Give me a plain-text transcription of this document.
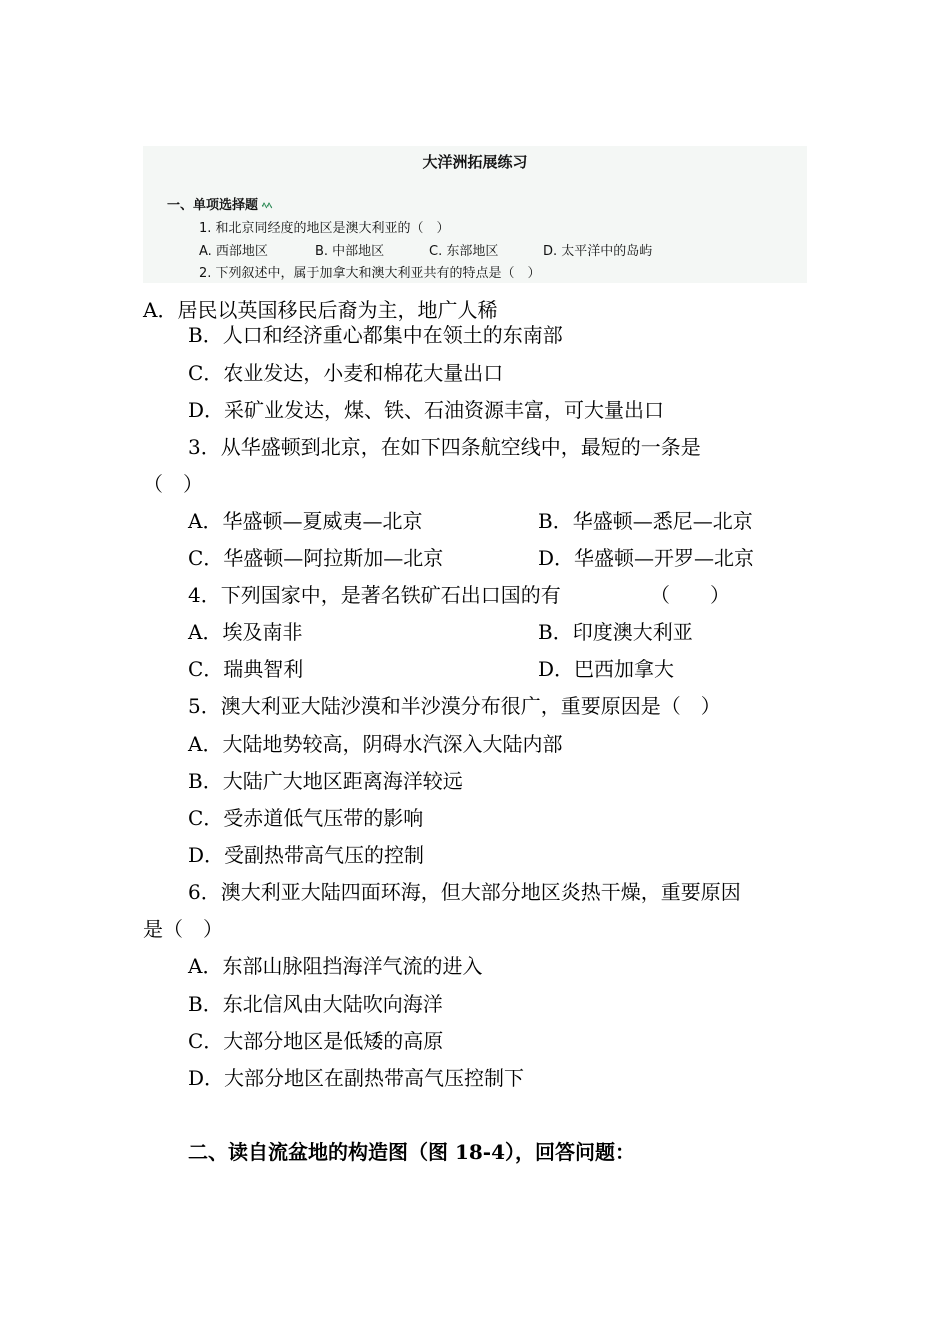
大洋洲拓展练习
一、单项选择题 ﾍﾍ
1. 和北京同经度的地区是澳大利亚的（　）
A. 西部地区	B. 中部地区	C. 东部地区	D. 太平洋中的岛屿
2. 下列叙述中，属于加拿大和澳大利亚共有的特点是（　）
A．居民以英国移民后裔为主，地广人稀
B．人口和经济重心都集中在领土的东南部
C．农业发达，小麦和棉花大量出口
D．采矿业发达，煤、铁、石油资源丰富，可大量出口
3．从华盛顿到北京，在如下四条航空线中，最短的一条是
（　）
A．华盛顿—夏威夷—北京	B．华盛顿—悉尼—北京
C．华盛顿—阿拉斯加—北京	D．华盛顿—开罗—北京
4．下列国家中，是著名铁矿石出口国的有	（　　）
A．埃及南非	B．印度澳大利亚
C．瑞典智利	D．巴西加拿大
5．澳大利亚大陆沙漠和半沙漠分布很广，重要原因是（　）
A．大陆地势较高，阴碍水汽深入大陆内部
B．大陆广大地区距离海洋较远
C．受赤道低气压带的影响
D．受副热带高气压的控制
6．澳大利亚大陆四面环海，但大部分地区炎热干燥，重要原因
是（　）
A．东部山脉阻挡海洋气流的进入
B．东北信风由大陆吹向海洋
C．大部分地区是低矮的高原
D．大部分地区在副热带高气压控制下
二、读自流盆地的构造图（图 18-4），回答问题：
